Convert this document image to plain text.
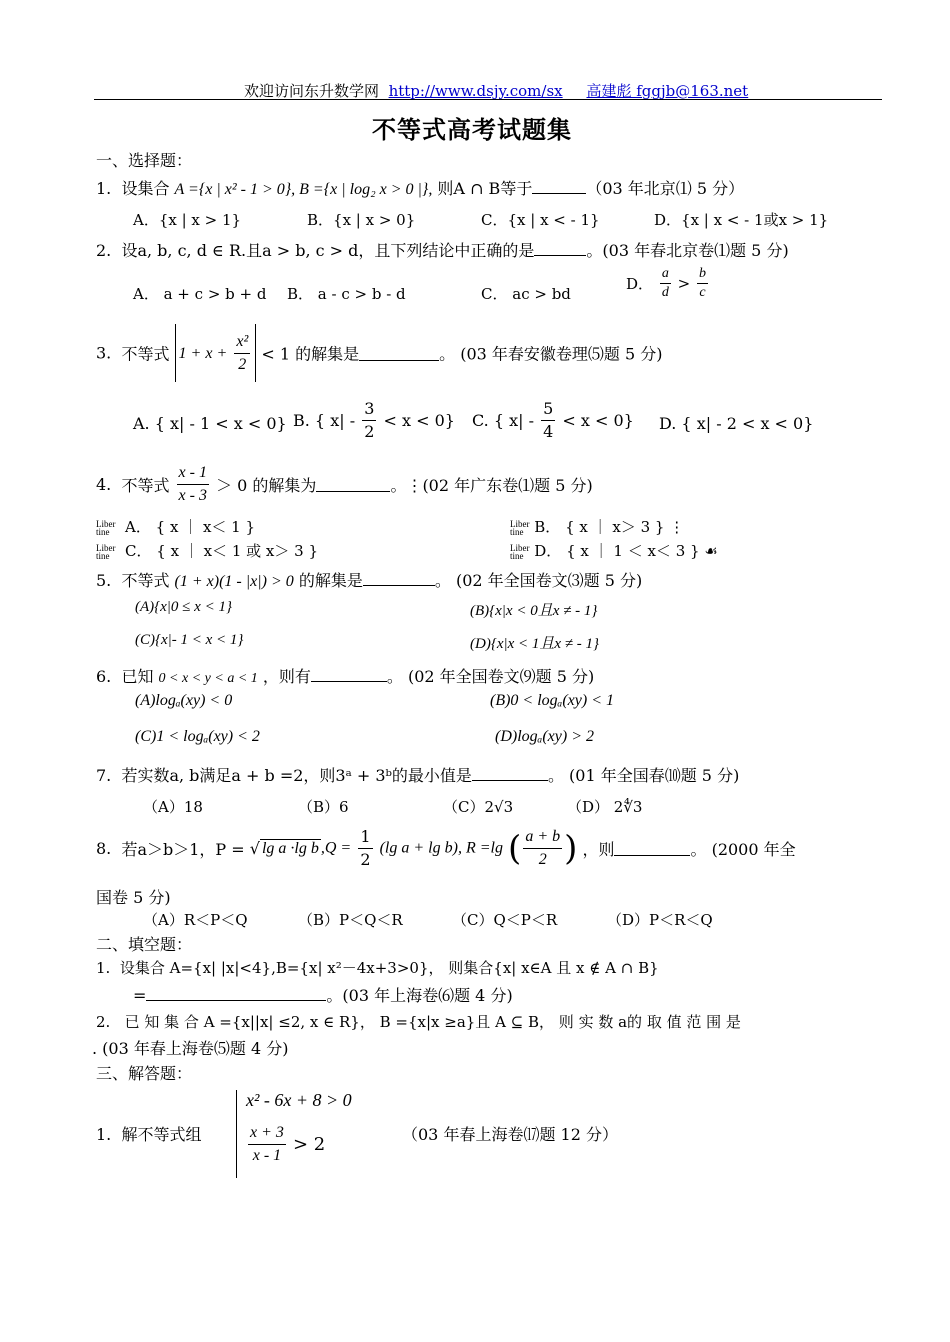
欢迎访问东升数学网 http://www.dsjy.com/sx 高建彪 fggjb@163.net
不等式高考试题集
一、选择题：
1. 设集合 A ={x | x² - 1 > 0}, B ={x | log₂ x > 0 |}, 则A ∩ B等于	（03 年北京⑴ 5 分）
A．{x | x > 1}	B．{x | x > 0}	C．{x | x < - 1}	D．{x | x < - 1或x > 1}
2. 设a, b, c, d ∈ R.且a > b, c > d，且下列结论中正确的是	。(03 年春北京卷⑴题 5 分)
A． a + c > b + d B． a - c > b - d	C． ac > bd
D． $\frac{a}{d} > \frac{b}{c}$
3. 不等式 $1 + x + \frac{\text{x²}}{2} < 1$ 的解集是	。 (03 年春安徽卷理⑸题 5 分)
A. { x| - 1 < x < 0} B. { $x| - \frac{3}{2} < x < 0$} C. { $x| - \frac{5}{4} < x < 0$} D. { x| - 2 < x < 0}
4. 不等式 $\frac{x - 1}{x - 3} > 0$ 的解集为	。⋮(02 年广东卷⑴题 5 分)
Liber
tine A． { x ｜ x＜ 1 }	Liber
tine B． { x ｜ x＞ 3 } ⋮
Liber
tine C． { x ｜ x＜ 1 或 x＞ 3 }	Liber
tine D． { x ｜ 1 ＜ x＜ 3 } ☙
5. 不等式 (1 + x)(1 - |x|) > 0 的解集是	。 (02 年全国卷文⑶题 5 分)
(A){x|0 ≤ x < 1}	(B){x|x < 0且x ≠ - 1}
(C){x|- 1 < x < 1}	(D){x|x < 1且x ≠ - 1}
6. 已知 0 < x < y < a < 1 ，则有	。 (02 年全国卷文⑼题 5 分)
(A)logₐ(xy) < 0	(B)0 < logₐ(xy) < 1
(C)1 < logₐ(xy) < 2	(D)logₐ(xy) > 2
7. 若实数a, b满足a + b =2，则3ᵃ + 3ᵇ的最小值是	。 (01 年全国春⑽题 5 分)
（A）18	（B）6	（C）2√3	（D） 2∜3
8. 若a＞b＞1，P = √ lg a ·lg b $,Q = \frac{1}{2} (\lg$ a + lg b), R =lg ( $\frac{a + b}{2}$ ) ，则	。 (2000 年全
国卷 5 分)
（A）R＜P＜Q	（B）P＜Q＜R	（C）Q＜P＜R	（D）P＜R＜Q
二、填空题：
1. 设集合 A={x| |x|<4},B={x| x²－4x+3>0}， 则集合{x| x∈A 且 x ∉ A ∩ B}
=	。(03 年上海卷⑹题 4 分)
2. 已 知 集 合 A ={x||x| ≤2, x ∈ R}， B ={x|x ≥a}且 A ⊆ B， 则 实 数 a的 取 值 范 围 是
. (03 年春上海卷⑸题 4 分)
三、解答题：
1. 解不等式组
x² - 6x + 8 > 0
$\frac{x + 3}{x - 1} > 2$	（03 年春上海卷⒄题 12 分）
